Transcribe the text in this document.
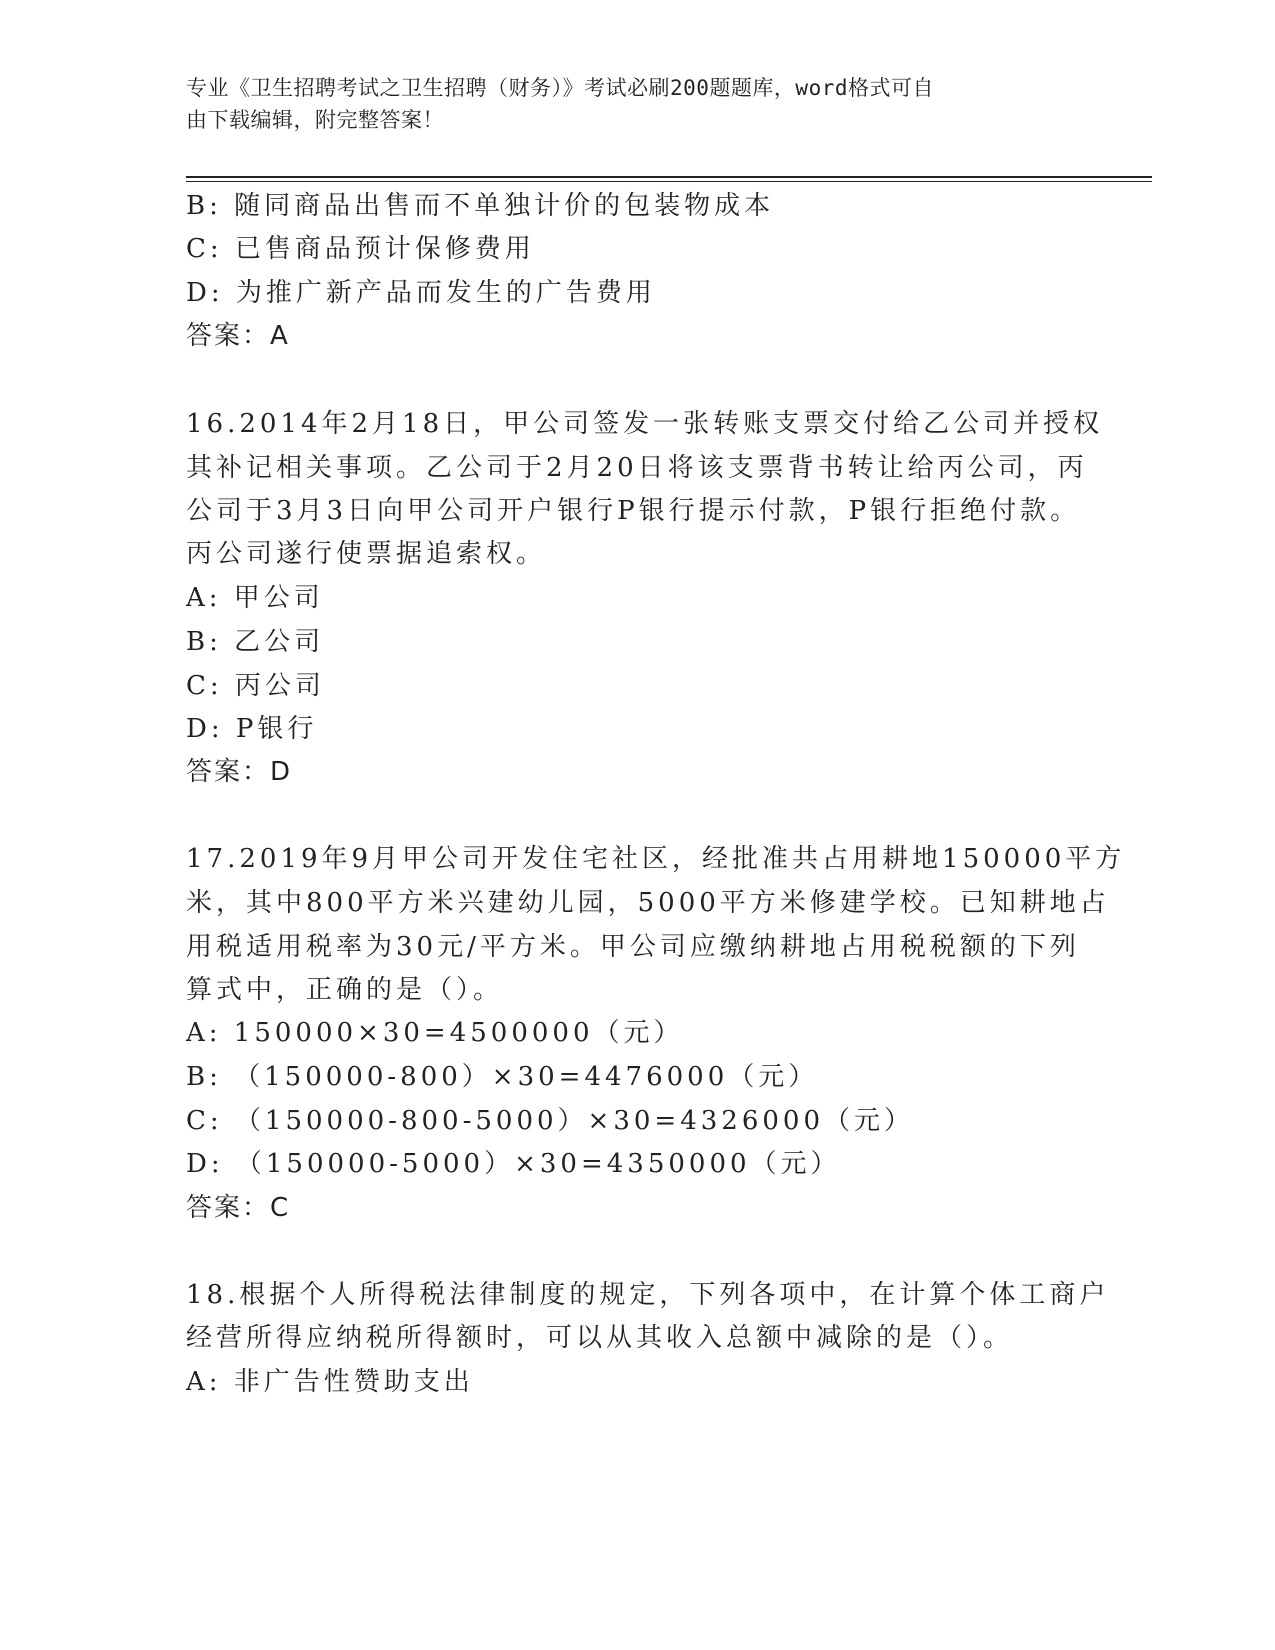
专业《卫生招聘考试之卫生招聘（财务）》考试必刷200题题库，word格式可自
由下载编辑，附完整答案！
B: 随同商品出售而不单独计价的包装物成本
C: 已售商品预计保修费用
D: 为推广新产品而发生的广告费用
答案：A
16.2014年2月18日，甲公司签发一张转账支票交付给乙公司并授权
其补记相关事项。乙公司于2月20日将该支票背书转让给丙公司，丙
公司于3月3日向甲公司开户银行P银行提示付款，P银行拒绝付款。
丙公司遂行使票据追索权。
A: 甲公司
B: 乙公司
C: 丙公司
D: P银行
答案：D
17.2019年9月甲公司开发住宅社区，经批准共占用耕地150000平方
米，其中800平方米兴建幼儿园，5000平方米修建学校。已知耕地占
用税适用税率为30元/平方米。甲公司应缴纳耕地占用税税额的下列
算式中，正确的是（）。
A: 150000×30=4500000（元）
B: （150000-800）×30=4476000（元）
C: （150000-800-5000）×30=4326000（元）
D: （150000-5000）×30=4350000（元）
答案：C
18.根据个人所得税法律制度的规定，下列各项中，在计算个体工商户
经营所得应纳税所得额时，可以从其收入总额中减除的是（）。
A: 非广告性赞助支出
